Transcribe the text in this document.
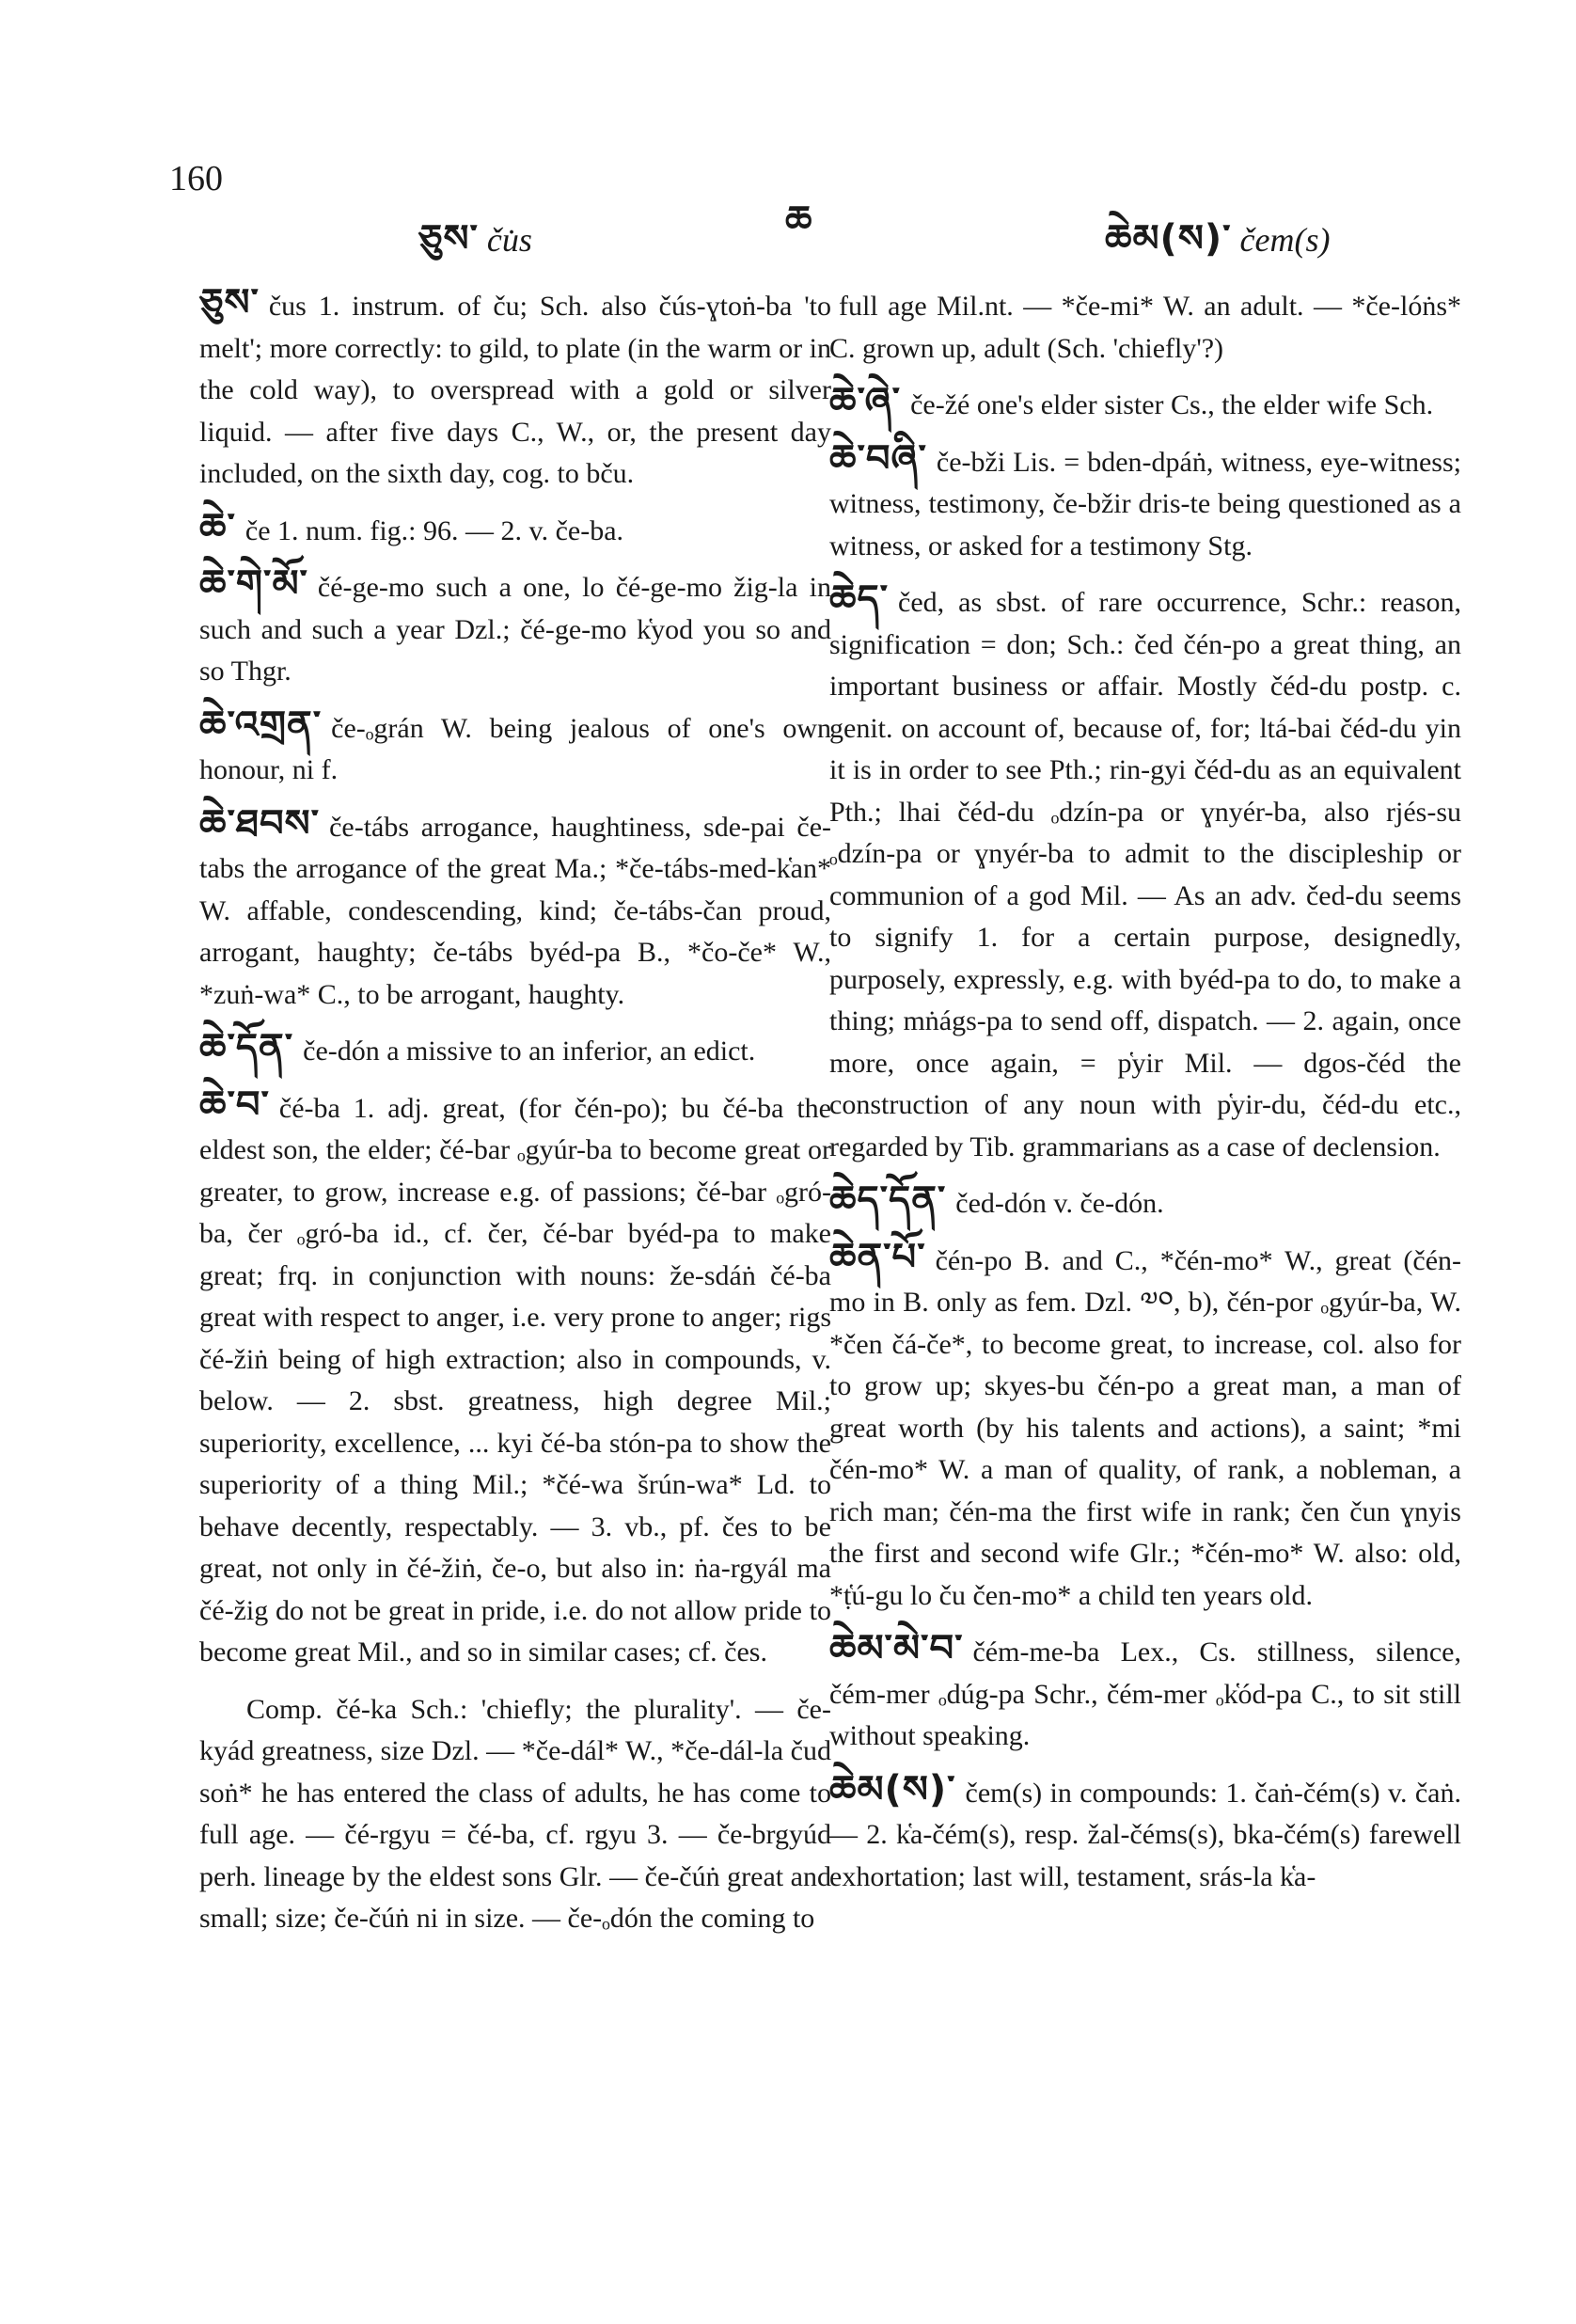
160
ཅུས་ ču̇s	ཆ	ཆེམ(ས)་ čem(s)

ཅུས་ čus 1. instrum. of ču; Sch. also čús-ɣtoṅ-ba 'to melt'; more correctly: to gild, to plate (in the warm or in the cold way), to overspread with a gold or silver liquid. — after five days C., W., or, the present day included, on the sixth day, cog. to bču.

ཆེ་ če 1. num. fig.: 96. — 2. v. če-ba.

ཆེ་གེ་མོ་ čé-ge-mo such a one, lo čé-ge-mo žig-la in such and such a year Dzl.; čé-ge-mo k̔yod you so and so Thgr.

ཆེ་འགྲན་ če-ₒgrán W. being jealous of one's own honour, ni f.

ཆེ་ཐབས་ če-tábs arrogance, haughtiness, sde-pai če-tabs the arrogance of the great Ma.; *če-tábs-med-k̔an* W. affable, condescending, kind; če-tábs-čan proud, arrogant, haughty; če-tábs byéd-pa B., *čo-če* W., *zuṅ-wa* C., to be arrogant, haughty.

ཆེ་དོན་ če-dón a missive to an inferior, an edict.

ཆེ་བ་ čé-ba 1. adj. great, (for čén-po); bu čé-ba the eldest son, the elder; čé-bar ₒgyúr-ba to become great or greater, to grow, increase e.g. of passions; čé-bar ₒgró-ba, čer ₒgró-ba id., cf. čer, čé-bar byéd-pa to make great; frq. in conjunction with nouns: že-sdáṅ čé-ba great with respect to anger, i.e. very prone to anger; rigs čé-žiṅ being of high extraction; also in compounds, v. below. — 2. sbst. greatness, high degree Mil.; superiority, excellence, ... kyi čé-ba stón-pa to show the superiority of a thing Mil.; *čé-wa šrún-wa* Ld. to behave decently, respectably. — 3. vb., pf. čes to be great, not only in čé-žiṅ, če-o, but also in: ṅa-rgyál ma čé-žig do not be great in pride, i.e. do not allow pride to become great Mil., and so in similar cases; cf. čes.

Comp. čé-ka Sch.: 'chiefly; the plurality'. — če-kyád greatness, size Dzl. — *če-dál* W., *če-dál-la čud soṅ* he has entered the class of adults, he has come to full age. — čé-rgyu = čé-ba, cf. rgyu 3. — če-brgyúd perh. lineage by the eldest sons Glr. — če-čúṅ great and small; size; če-čúṅ ni in size. — če-ₒdón the coming to

full age Mil.nt. — *če-mi* W. an adult. — *če-lóṅs* C. grown up, adult (Sch. 'chiefly'?)

ཆེ་ཞེ་ če-žé one's elder sister Cs., the elder wife Sch.

ཆེ་བཞི་ če-bži Lis. = bden-dpáṅ, witness, eye-witness; witness, testimony, če-bžir dris-te being questioned as a witness, or asked for a testimony Stg.

ཆེད་ čed, as sbst. of rare occurrence, Schr.: reason, signification = don; Sch.: čed čén-po a great thing, an important business or affair. Mostly čéd-du postp. c. genit. on account of, because of, for; ltá-bai čéd-du yin it is in order to see Pth.; rin-gyi čéd-du as an equivalent Pth.; lhai čéd-du ₒdzín-pa or ɣnyér-ba, also rjés-su ₒdzín-pa or ɣnyér-ba to admit to the discipleship or communion of a god Mil. — As an adv. čed-du seems to signify 1. for a certain purpose, designedly, purposely, expressly, e.g. with byéd-pa to do, to make a thing; mṅágs-pa to send off, dispatch. — 2. again, once more, once again, = p̔yir Mil. — dgos-čéd the construction of any noun with p̔yir-du, čéd-du etc., regarded by Tib. grammarians as a case of declension.

ཆེད་དོན་ čed-dón v. če-dón.

ཆེན་པོ་ čén-po B. and C., *čén-mo* W., great (čén-mo in B. only as fem. Dzl. ༧༠, b), čén-por ₒgyúr-ba, W. *čen čá-če*, to become great, to increase, col. also for to grow up; skyes-bu čén-po a great man, a man of great worth (by his talents and actions), a saint; *mi čén-mo* W. a man of quality, of rank, a nobleman, a rich man; čén-ma the first wife in rank; čen čun ɣnyis the first and second wife Glr.; *čén-mo* W. also: old, *ṭ̔ú-gu lo ču čen-mo* a child ten years old.

ཆེམ་མེ་བ་ čém-me-ba Lex., Cs. stillness, silence, čém-mer ₒdúg-pa Schr., čém-mer ₒk̔ód-pa C., to sit still without speaking.

ཆེམ(ས)་ čem(s) in compounds: 1. čaṅ-čém(s) v. čaṅ. — 2. k̔a-čém(s), resp. žal-čéms(s), bka-čém(s) farewell exhortation; last will, testament, srás-la k̔a-
